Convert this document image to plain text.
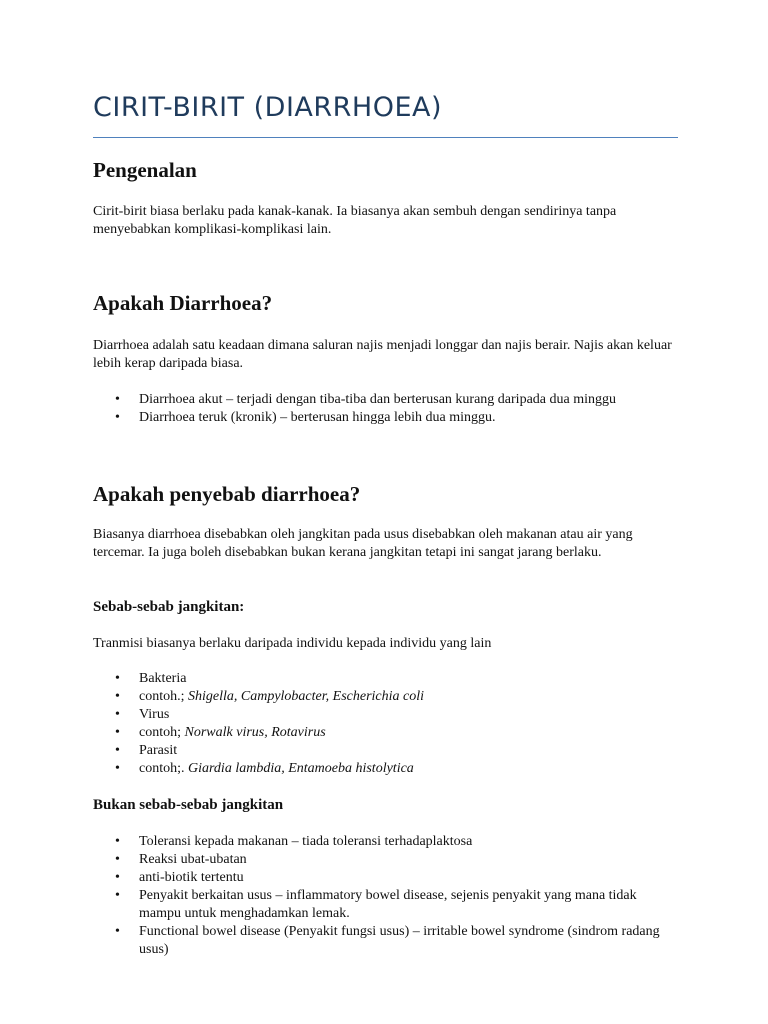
CIRIT-BIRIT (DIARRHOEA)
Pengenalan

Cirit-birit biasa berlaku pada kanak-kanak. Ia biasanya akan sembuh dengan sendirinya tanpa menyebabkan komplikasi-komplikasi lain.

Apakah Diarrhoea?

Diarrhoea adalah satu keadaan dimana saluran najis menjadi longgar dan najis berair. Najis akan keluar lebih kerap daripada biasa.

• Diarrhoea akut – terjadi dengan tiba-tiba dan berterusan kurang daripada dua minggu
• Diarrhoea teruk (kronik) – berterusan hingga lebih dua minggu.
Apakah penyebab diarrhoea?

Biasanya diarrhoea disebabkan oleh jangkitan pada usus disebabkan oleh makanan atau air yang tercemar. Ia juga boleh disebabkan bukan kerana jangkitan tetapi ini sangat jarang berlaku.

Sebab-sebab jangkitan:

Tranmisi biasanya berlaku daripada individu kepada individu yang lain

• Bakteria
• contoh.; Shigella, Campylobacter, Escherichia coli
• Virus
• contoh; Norwalk virus, Rotavirus
• Parasit
• contoh;. Giardia lambdia, Entamoeba histolytica
Bukan sebab-sebab jangkitan
• Toleransi kepada makanan – tiada toleransi terhadaplaktosa
• Reaksi ubat-ubatan
• anti-biotik tertentu
• Penyakit berkaitan usus – inflammatory bowel disease, sejenis penyakit yang mana tidak mampu untuk menghadamkan lemak.
• Functional bowel disease (Penyakit fungsi usus) – irritable bowel syndrome (sindrom radang usus)
